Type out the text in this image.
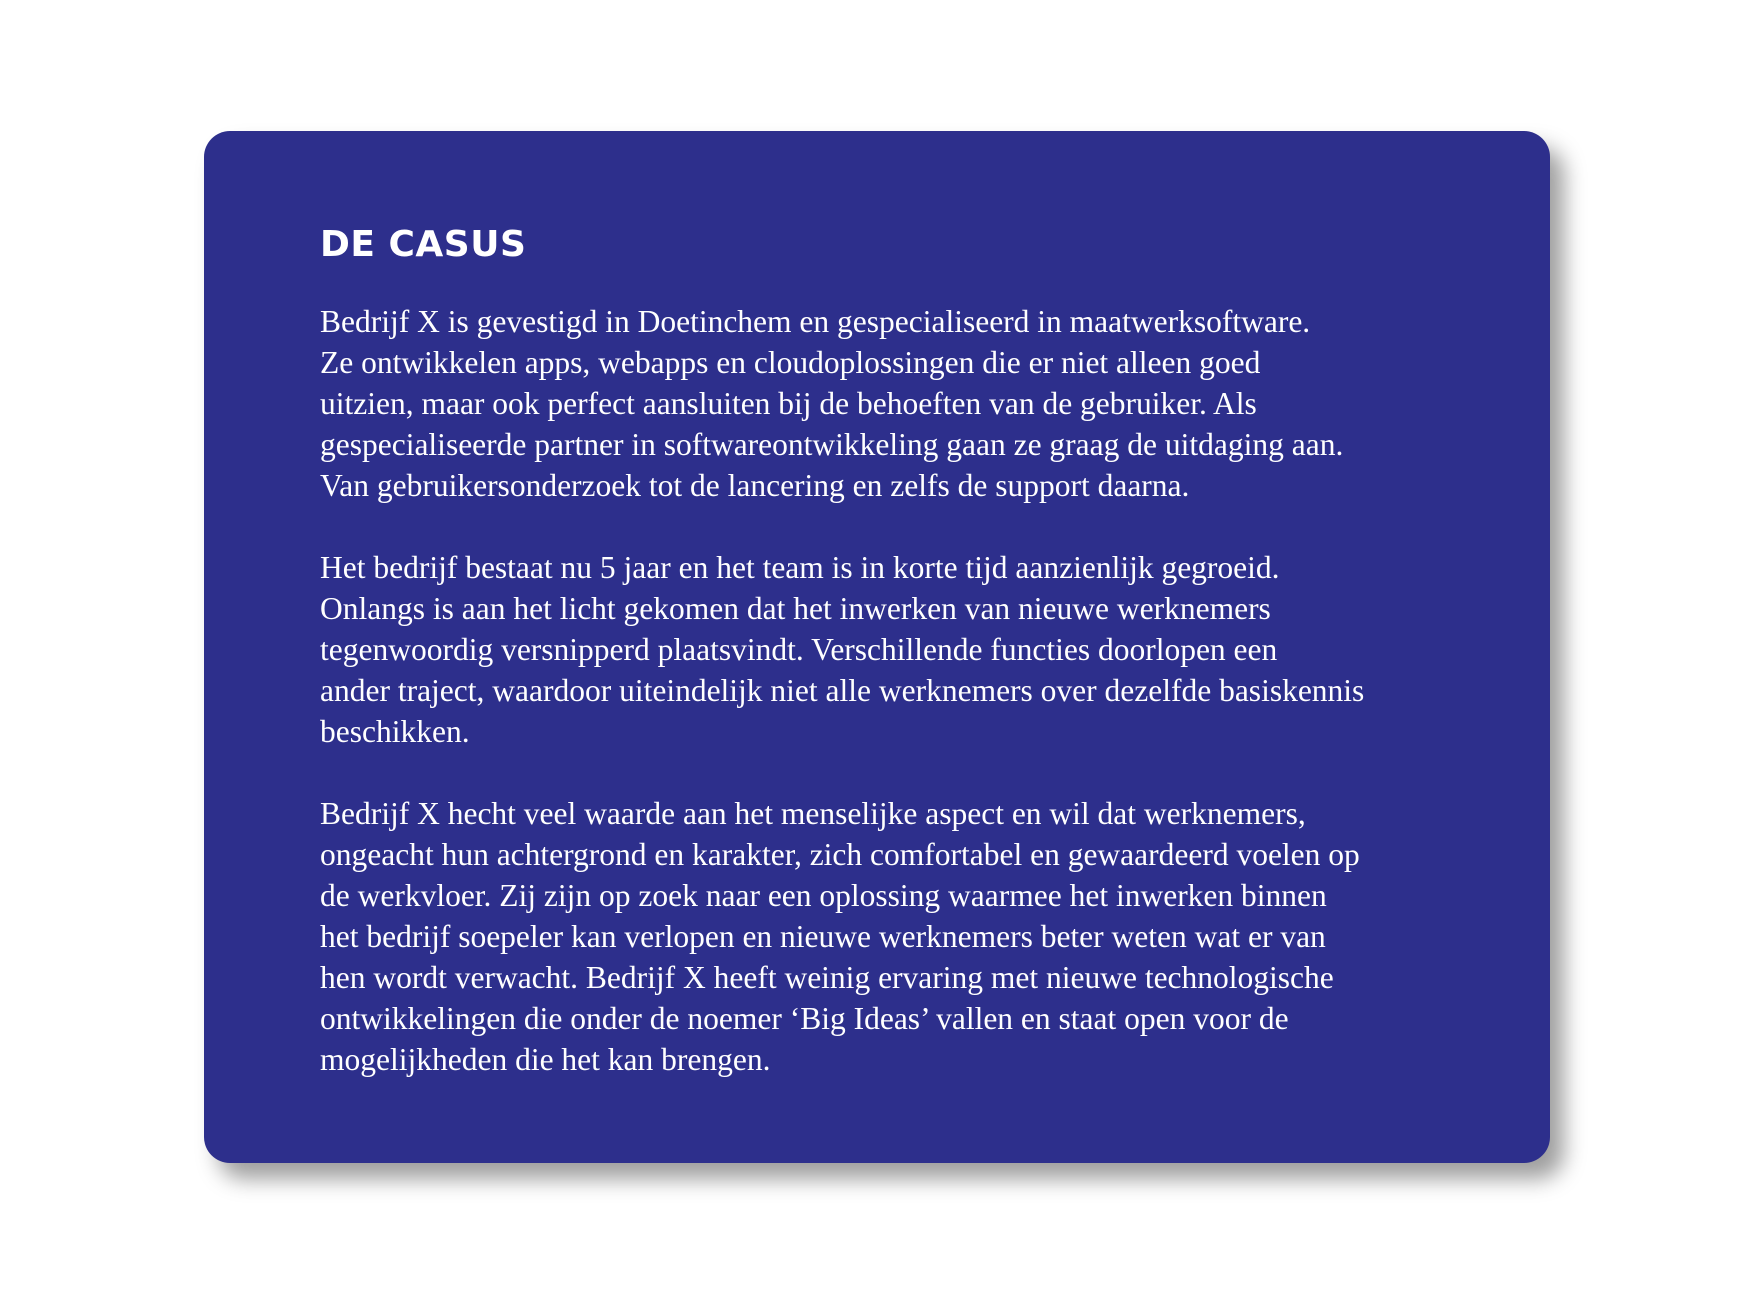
DE CASUS

Bedrijf X is gevestigd in Doetinchem en gespecialiseerd in maatwerksoftware.
Ze ontwikkelen apps, webapps en cloudoplossingen die er niet alleen goed
uitzien, maar ook perfect aansluiten bij de behoeften van de gebruiker. Als
gespecialiseerde partner in softwareontwikkeling gaan ze graag de uitdaging aan.
Van gebruikersonderzoek tot de lancering en zelfs de support daarna.

Het bedrijf bestaat nu 5 jaar en het team is in korte tijd aanzienlijk gegroeid.
Onlangs is aan het licht gekomen dat het inwerken van nieuwe werknemers
tegenwoordig versnipperd plaatsvindt. Verschillende functies doorlopen een
ander traject, waardoor uiteindelijk niet alle werknemers over dezelfde basiskennis
beschikken.

Bedrijf X hecht veel waarde aan het menselijke aspect en wil dat werknemers,
ongeacht hun achtergrond en karakter, zich comfortabel en gewaardeerd voelen op
de werkvloer. Zij zijn op zoek naar een oplossing waarmee het inwerken binnen
het bedrijf soepeler kan verlopen en nieuwe werknemers beter weten wat er van
hen wordt verwacht. Bedrijf X heeft weinig ervaring met nieuwe technologische
ontwikkelingen die onder de noemer ‘Big Ideas’ vallen en staat open voor de
mogelijkheden die het kan brengen.
